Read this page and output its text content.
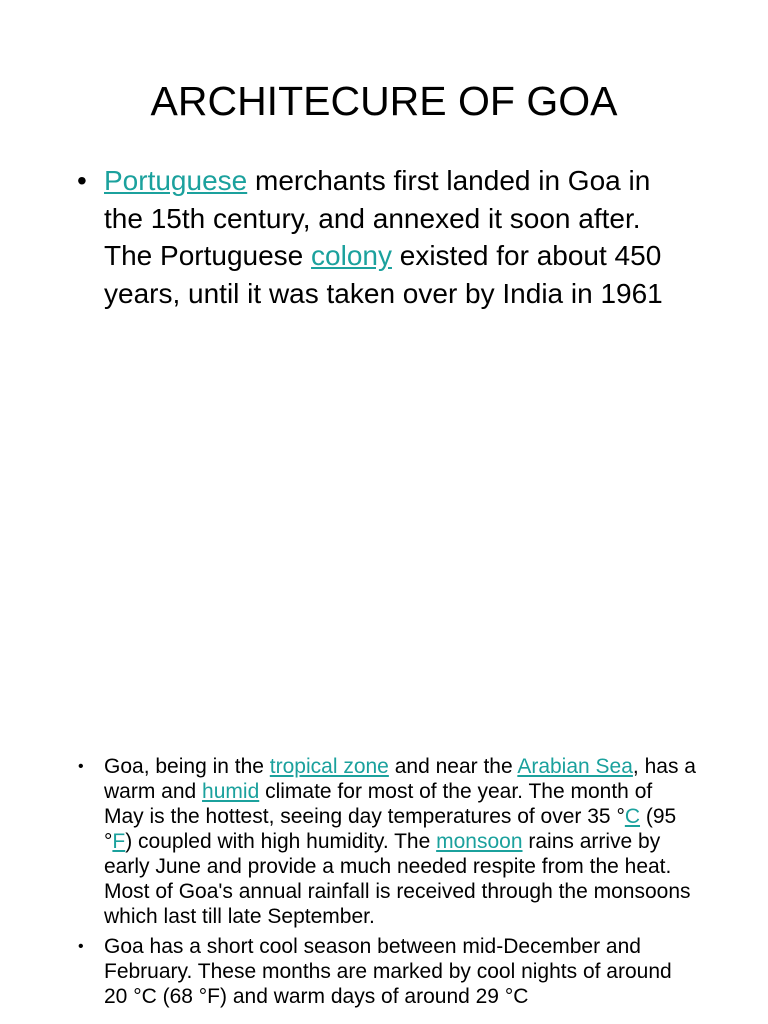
ARCHITECURE OF GOA
• Portuguese merchants first landed in Goa in the 15th century, and annexed it soon after. The Portuguese colony existed for about 450 years, until it was taken over by India in 1961
• Goa, being in the tropical zone and near the Arabian Sea, has a warm and humid climate for most of the year. The month of May is the hottest, seeing day temperatures of over 35 °C (95 °F) coupled with high humidity. The monsoon rains arrive by early June and provide a much needed respite from the heat. Most of Goa's annual rainfall is received through the monsoons which last till late September.
• Goa has a short cool season between mid-December and February. These months are marked by cool nights of around 20 °C (68 °F) and warm days of around 29 °C
